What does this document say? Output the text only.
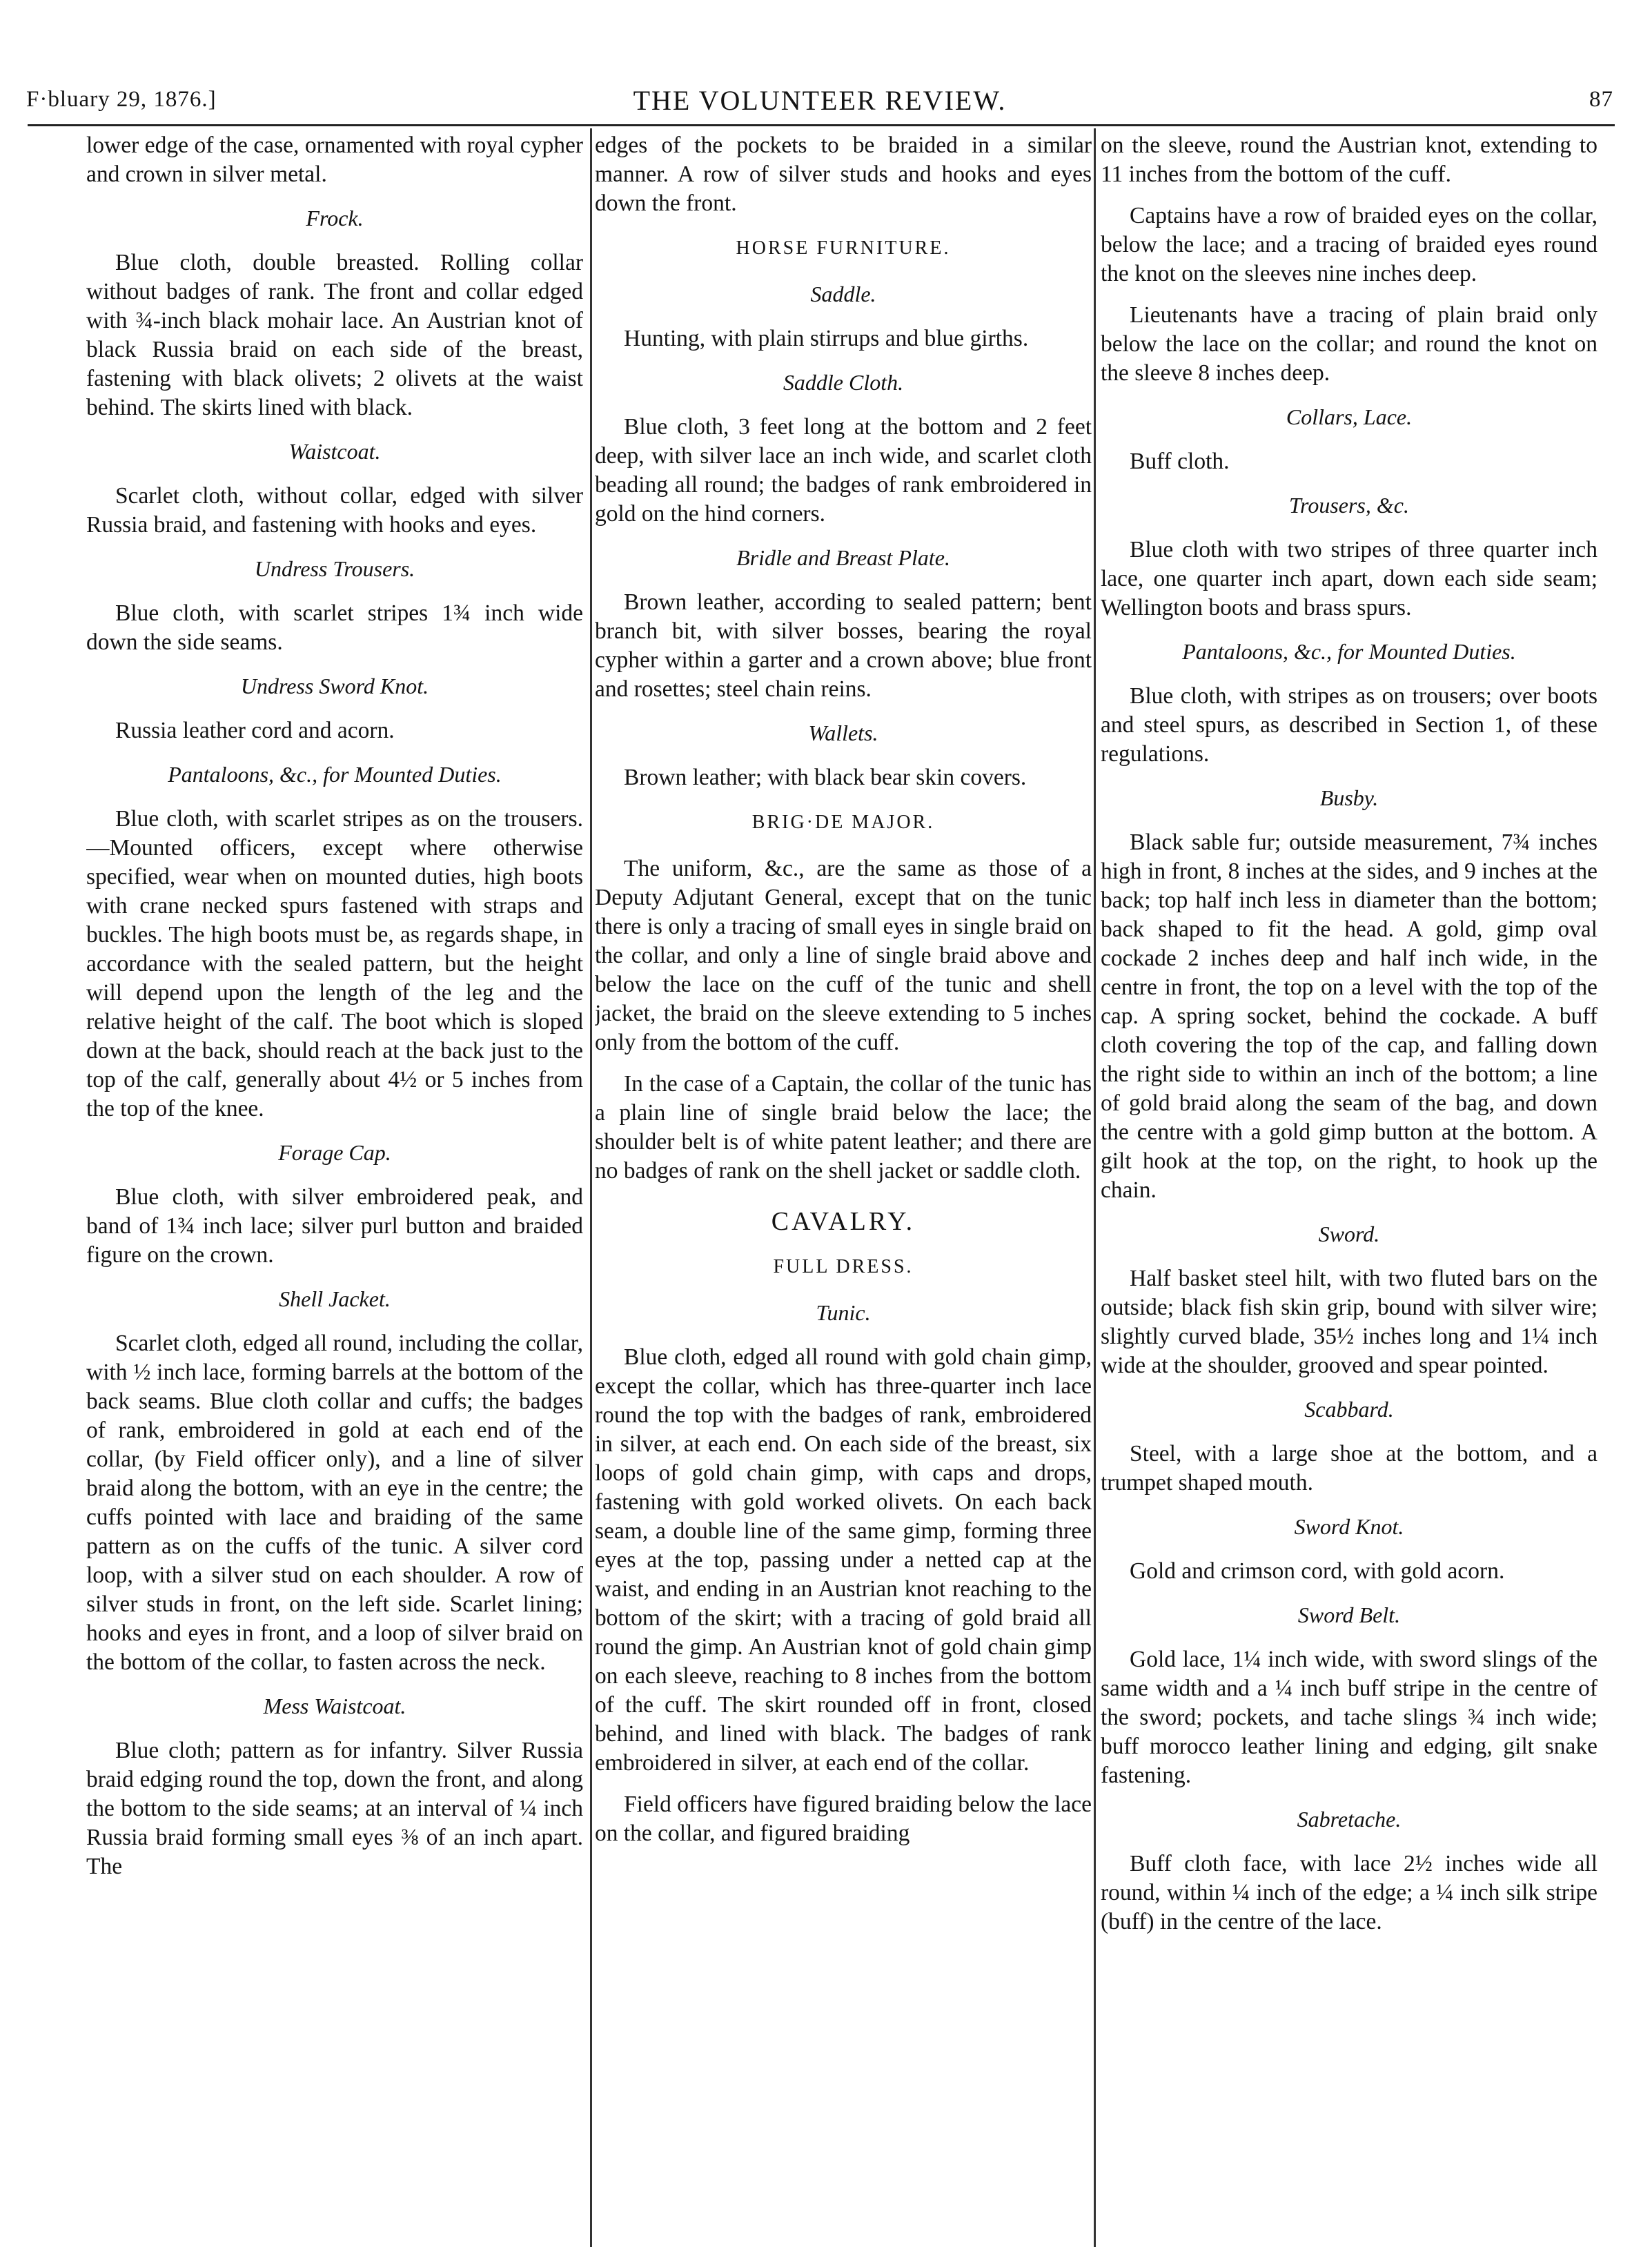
F·bluary 29, 1876.]	THE VOLUNTEER REVIEW.	87

lower edge of the case, ornamented with royal cypher and crown in silver metal.

Frock.

Blue cloth, double breasted. Rolling collar without badges of rank. The front and collar edged with ¾-inch black mohair lace. An Austrian knot of black Russia braid on each side of the breast, fastening with black olivets; 2 olivets at the waist behind. The skirts lined with black.

Waistcoat.

Scarlet cloth, without collar, edged with silver Russia braid, and fastening with hooks and eyes.

Undress Trousers.

Blue cloth, with scarlet stripes 1¾ inch wide down the side seams.

Undress Sword Knot.

Russia leather cord and acorn.

Pantaloons, &c., for Mounted Duties.

Blue cloth, with scarlet stripes as on the trousers.—Mounted officers, except where otherwise specified, wear when on mounted duties, high boots with crane necked spurs fastened with straps and buckles. The high boots must be, as regards shape, in accordance with the sealed pattern, but the height will depend upon the length of the leg and the relative height of the calf. The boot which is sloped down at the back, should reach at the back just to the top of the calf, generally about 4½ or 5 inches from the top of the knee.

Forage Cap.

Blue cloth, with silver embroidered peak, and band of 1¾ inch lace; silver purl button and braided figure on the crown.

Shell Jacket.

Scarlet cloth, edged all round, including the collar, with ½ inch lace, forming barrels at the bottom of the back seams. Blue cloth collar and cuffs; the badges of rank, embroidered in gold at each end of the collar, (by Field officer only), and a line of silver braid along the bottom, with an eye in the centre; the cuffs pointed with lace and braiding of the same pattern as on the cuffs of the tunic. A silver cord loop, with a silver stud on each shoulder. A row of silver studs in front, on the left side. Scarlet lining; hooks and eyes in front, and a loop of silver braid on the bottom of the collar, to fasten across the neck.

Mess Waistcoat.

Blue cloth; pattern as for infantry. Silver Russia braid edging round the top, down the front, and along the bottom to the side seams; at an interval of ¼ inch Russia braid forming small eyes ⅜ of an inch apart. The

edges of the pockets to be braided in a similar manner. A row of silver studs and hooks and eyes down the front.

HORSE FURNITURE.
Saddle.

Hunting, with plain stirrups and blue girths.

Saddle Cloth.

Blue cloth, 3 feet long at the bottom and 2 feet deep, with silver lace an inch wide, and scarlet cloth beading all round; the badges of rank embroidered in gold on the hind corners.

Bridle and Breast Plate.

Brown leather, according to sealed pattern; bent branch bit, with silver bosses, bearing the royal cypher within a garter and a crown above; blue front and rosettes; steel chain reins.

Wallets.

Brown leather; with black bear skin covers.

BRIG·DE MAJOR.

The uniform, &c., are the same as those of a Deputy Adjutant General, except that on the tunic there is only a tracing of small eyes in single braid on the collar, and only a line of single braid above and below the lace on the cuff of the tunic and shell jacket, the braid on the sleeve extending to 5 inches only from the bottom of the cuff.

In the case of a Captain, the collar of the tunic has a plain line of single braid below the lace; the shoulder belt is of white patent leather; and there are no badges of rank on the shell jacket or saddle cloth.

CAVALRY.
FULL DRESS.
Tunic.

Blue cloth, edged all round with gold chain gimp, except the collar, which has three-quarter inch lace round the top with the badges of rank, embroidered in silver, at each end. On each side of the breast, six loops of gold chain gimp, with caps and drops, fastening with gold worked olivets. On each back seam, a double line of the same gimp, forming three eyes at the top, passing under a netted cap at the waist, and ending in an Austrian knot reaching to the bottom of the skirt; with a tracing of gold braid all round the gimp. An Austrian knot of gold chain gimp on each sleeve, reaching to 8 inches from the bottom of the cuff. The skirt rounded off in front, closed behind, and lined with black. The badges of rank embroidered in silver, at each end of the collar.

Field officers have figured braiding below the lace on the collar, and figured braiding

on the sleeve, round the Austrian knot, extending to 11 inches from the bottom of the cuff.

Captains have a row of braided eyes on the collar, below the lace; and a tracing of braided eyes round the knot on the sleeves nine inches deep.

Lieutenants have a tracing of plain braid only below the lace on the collar; and round the knot on the sleeve 8 inches deep.

Collars, Lace.

Buff cloth.

Trousers, &c.

Blue cloth with two stripes of three quarter inch lace, one quarter inch apart, down each side seam; Wellington boots and brass spurs.

Pantaloons, &c., for Mounted Duties.

Blue cloth, with stripes as on trousers; over boots and steel spurs, as described in Section 1, of these regulations.

Busby.

Black sable fur; outside measurement, 7¾ inches high in front, 8 inches at the sides, and 9 inches at the back; top half inch less in diameter than the bottom; back shaped to fit the head. A gold, gimp oval cockade 2 inches deep and half inch wide, in the centre in front, the top on a level with the top of the cap. A spring socket, behind the cockade. A buff cloth covering the top of the cap, and falling down the right side to within an inch of the bottom; a line of gold braid along the seam of the bag, and down the centre with a gold gimp button at the bottom. A gilt hook at the top, on the right, to hook up the chain.

Sword.

Half basket steel hilt, with two fluted bars on the outside; black fish skin grip, bound with silver wire; slightly curved blade, 35½ inches long and 1¼ inch wide at the shoulder, grooved and spear pointed.

Scabbard.

Steel, with a large shoe at the bottom, and a trumpet shaped mouth.

Sword Knot.

Gold and crimson cord, with gold acorn.

Sword Belt.

Gold lace, 1¼ inch wide, with sword slings of the same width and a ¼ inch buff stripe in the centre of the sword; pockets, and tache slings ¾ inch wide; buff morocco leather lining and edging, gilt snake fastening.

Sabretache.

Buff cloth face, with lace 2½ inches wide all round, within ¼ inch of the edge; a ¼ inch silk stripe (buff) in the centre of the lace.
